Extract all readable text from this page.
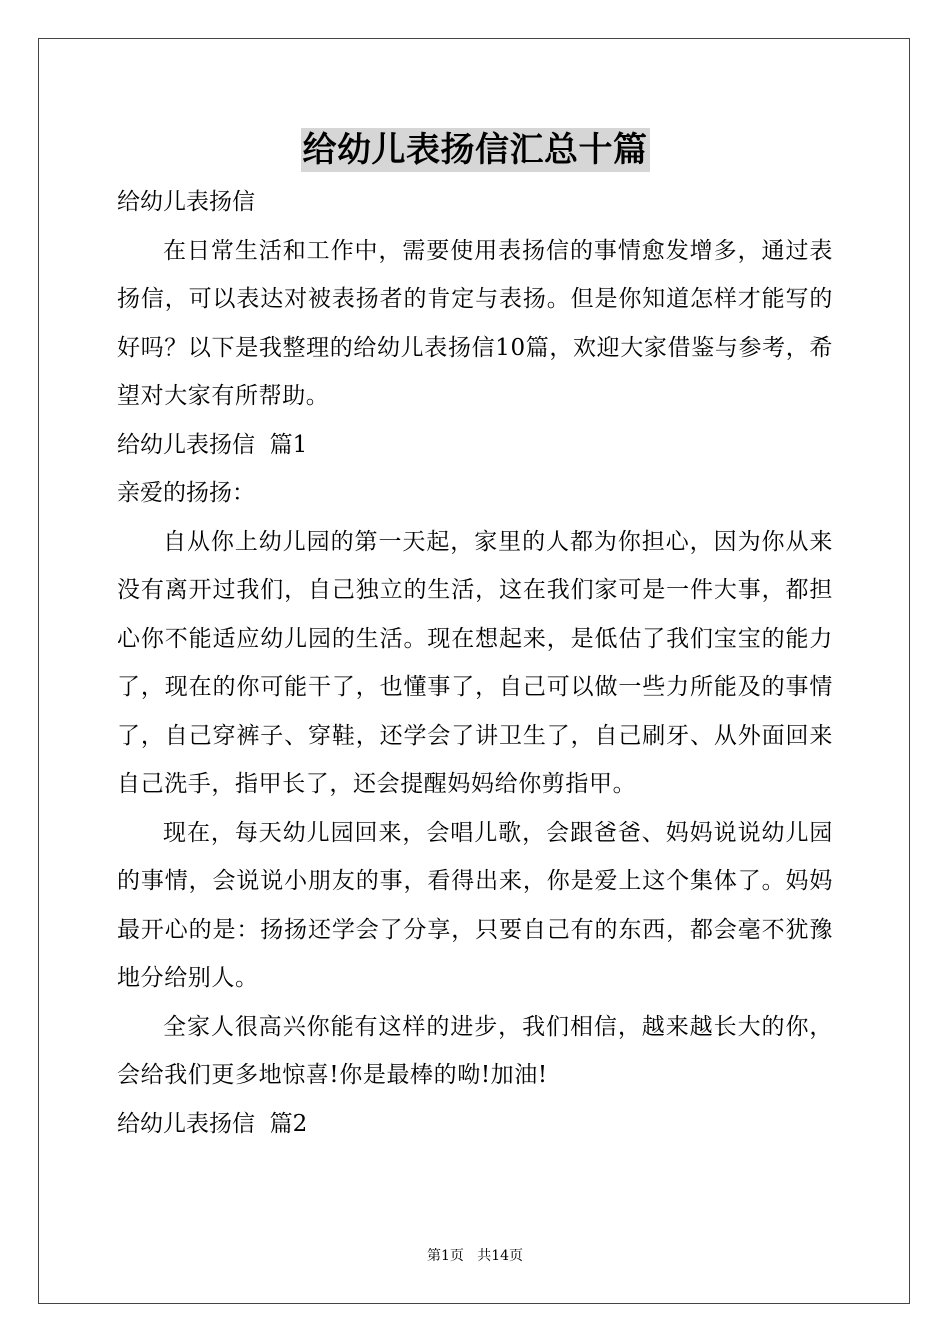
给幼儿表扬信汇总十篇

给幼儿表扬信

在日常生活和工作中，需要使用表扬信的事情愈发增多，通过表扬信，可以表达对被表扬者的肯定与表扬。但是你知道怎样才能写的好吗？以下是我整理的给幼儿表扬信10篇，欢迎大家借鉴与参考，希望对大家有所帮助。

给幼儿表扬信  篇1

亲爱的扬扬：

自从你上幼儿园的第一天起，家里的人都为你担心，因为你从来没有离开过我们，自己独立的生活，这在我们家可是一件大事，都担心你不能适应幼儿园的生活。现在想起来，是低估了我们宝宝的能力了，现在的你可能干了，也懂事了，自己可以做一些力所能及的事情了，自己穿裤子、穿鞋，还学会了讲卫生了，自己刷牙、从外面回来自己洗手，指甲长了，还会提醒妈妈给你剪指甲。

现在，每天幼儿园回来，会唱儿歌，会跟爸爸、妈妈说说幼儿园的事情，会说说小朋友的事，看得出来，你是爱上这个集体了。妈妈最开心的是：扬扬还学会了分享，只要自己有的东西，都会毫不犹豫地分给别人。

全家人很高兴你能有这样的进步，我们相信，越来越长大的你，会给我们更多地惊喜!你是最棒的呦!加油!

给幼儿表扬信  篇2

第1页   共14页
